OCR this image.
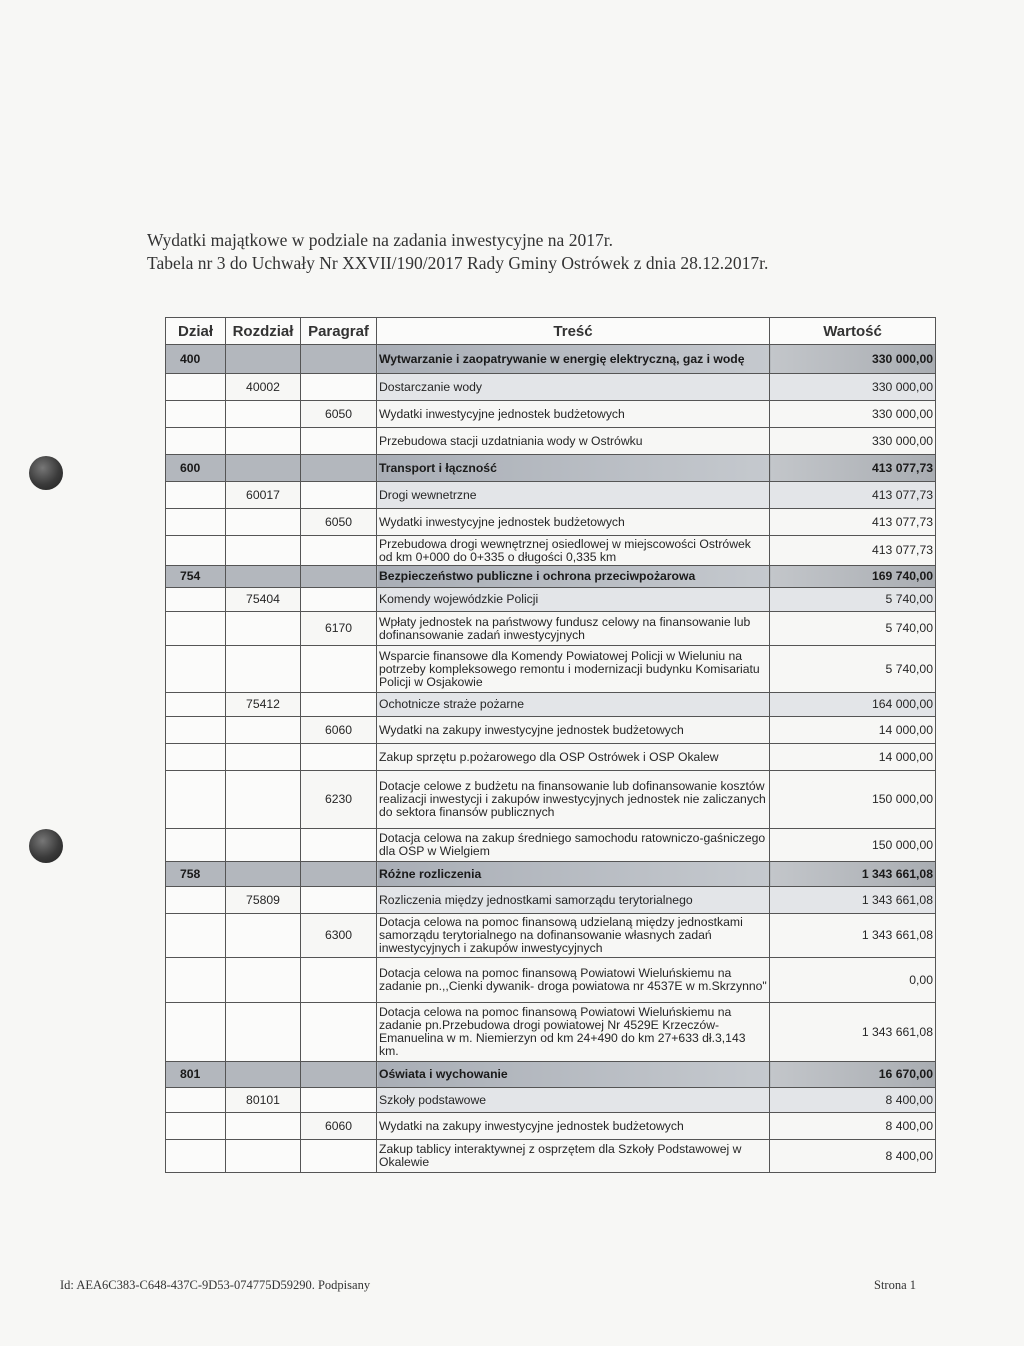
Wydatki majątkowe w podziale na zadania inwestycyjne na 2017r.
Tabela nr 3 do Uchwały Nr XXVII/190/2017 Rady Gminy Ostrówek z dnia 28.12.2017r.
Dział	Rozdział	Paragraf	Treść	Wartość
400			Wytwarzanie i zaopatrywanie w energię elektryczną, gaz i wodę	330 000,00
	40002		Dostarczanie wody	330 000,00
		6050	Wydatki inwestycyjne jednostek budżetowych	330 000,00
			Przebudowa stacji uzdatniania wody w Ostrówku	330 000,00
600			Transport i łączność	413 077,73
	60017		Drogi wewnetrzne	413 077,73
		6050	Wydatki inwestycyjne jednostek budżetowych	413 077,73
			Przebudowa drogi wewnętrznej osiedlowej w miejscowości Ostrówek od km 0+000 do 0+335 o długości 0,335 km	413 077,73
754			Bezpieczeństwo publiczne i ochrona przeciwpożarowa	169 740,00
	75404		Komendy wojewódzkie Policji	5 740,00
		6170	Wpłaty jednostek na państwowy fundusz celowy na finansowanie lub dofinansowanie zadań inwestycyjnych	5 740,00
			Wsparcie finansowe dla Komendy Powiatowej Policji w Wieluniu na potrzeby kompleksowego remontu i modernizacji budynku Komisariatu Policji w Osjakowie	5 740,00
	75412		Ochotnicze straże pożarne	164 000,00
		6060	Wydatki na zakupy inwestycyjne jednostek budżetowych	14 000,00
			Zakup sprzętu p.pożarowego dla OSP Ostrówek i OSP Okalew	14 000,00
		6230	Dotacje celowe z budżetu na finansowanie lub dofinansowanie kosztów realizacji inwestycji i zakupów inwestycyjnych jednostek nie zaliczanych do sektora finansów publicznych	150 000,00
			Dotacja celowa na zakup średniego samochodu ratowniczo-gaśniczego dla OSP w Wielgiem	150 000,00
758			Różne rozliczenia	1 343 661,08
	75809		Rozliczenia między jednostkami samorządu terytorialnego	1 343 661,08
		6300	Dotacja celowa na pomoc finansową udzielaną między jednostkami samorządu terytorialnego na dofinansowanie własnych zadań inwestycyjnych i zakupów inwestycyjnych	1 343 661,08
			Dotacja celowa na pomoc finansową Powiatowi Wieluńskiemu na zadanie pn.,,Cienki dywanik- droga powiatowa nr 4537E w m.Skrzynno"	0,00
			Dotacja celowa na pomoc finansową Powiatowi Wieluńskiemu na zadanie pn.Przebudowa drogi powiatowej Nr 4529E Krzeczów-Emanuelina w m. Niemierzyn od km 24+490 do km 27+633 dł.3,143 km.	1 343 661,08
801			Oświata i wychowanie	16 670,00
	80101		Szkoły podstawowe	8 400,00
		6060	Wydatki na zakupy inwestycyjne jednostek budżetowych	8 400,00
			Zakup tablicy interaktywnej z osprzętem dla Szkoły Podstawowej w Okalewie	8 400,00
Id: AEA6C383-C648-437C-9D53-074775D59290. Podpisany	Strona 1
